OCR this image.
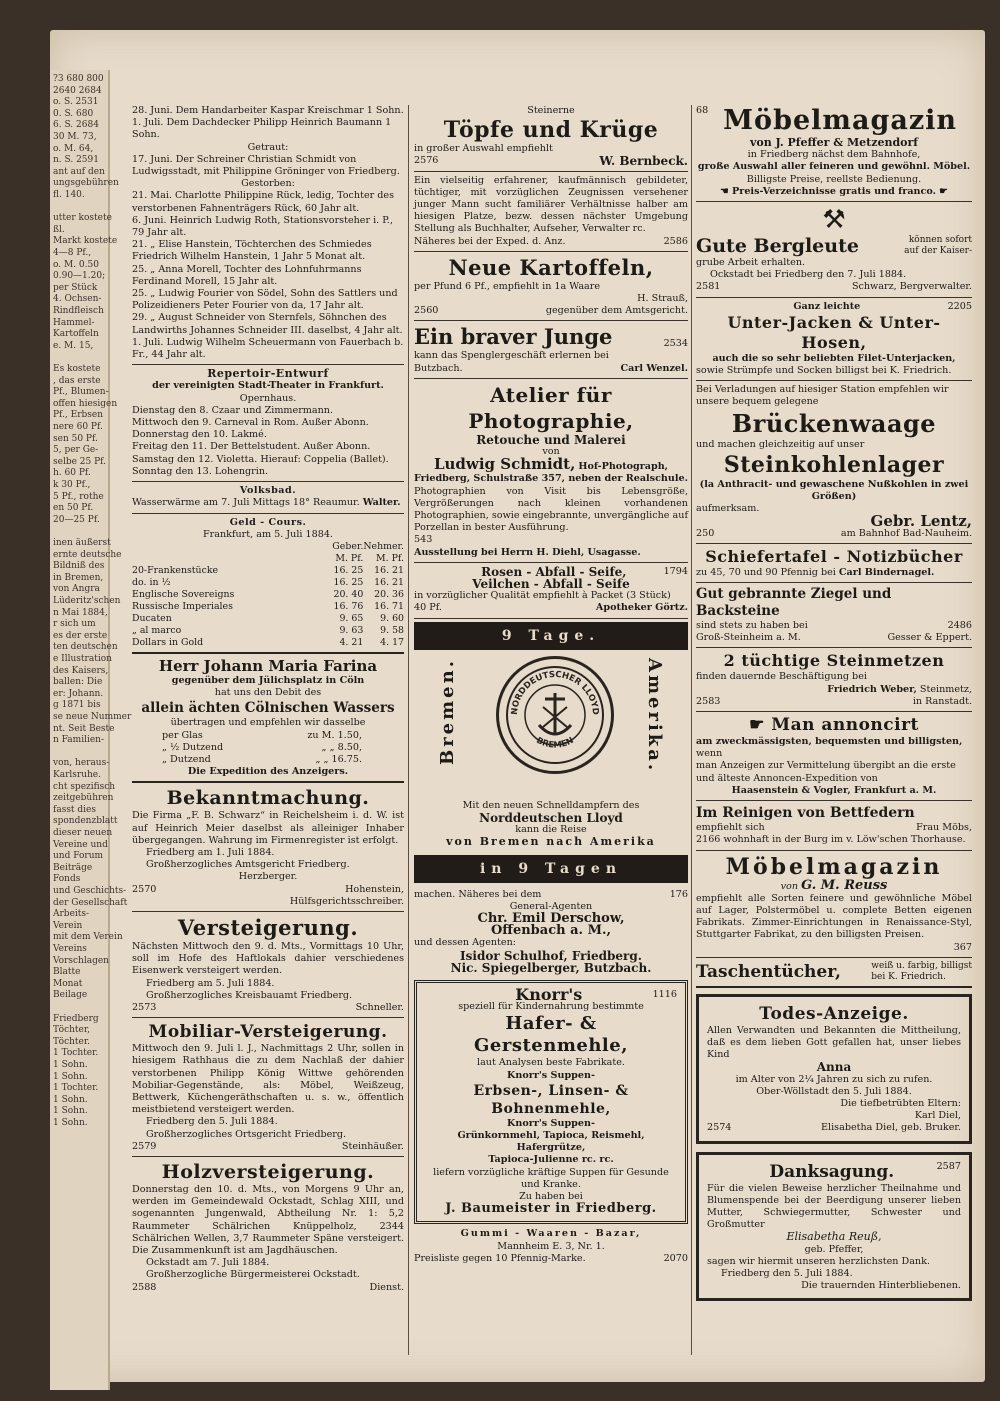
?3 680 800
2640 2684
o. S. 2531
0. S. 680
6. S. 2684
30 M. 73,
o. M. 64,
n. S. 2591
ant auf den
ungsgebühren
fl. 140.
utter kostete
ßl.
Markt kostete
4—8 Pf.,
o. M. 0.50
0.90—1.20;
per Stück
4. Ochsen-
Rindfleisch
Hammel-
Kartoffeln
e. M. 15,
Es kostete
, das erste
Pf., Blumen-
offen hiesigen
Pf., Erbsen
nere 60 Pf.
sen 50 Pf.
5, per Ge-
selbe 25 Pf.
h. 60 Pf.
k 30 Pf.,
5 Pf., rothe
en 50 Pf.
20—25 Pf.
inen äußerst
ernte deutsche
Bildniß des
in Bremen,
von Angra
Lüderitz'schen
n Mai 1884,
r sich um
es der erste
ten deutschen
e Illustration
des Kaisers,
ballen: Die
er: Johann.
g 1871 bis
se neue Nummer
nt. Seit Beste
n Familien-
von, heraus-
Karlsruhe.
cht spezifisch
zeitgebühren
fasst dies
spondenzblatt
dieser neuen
Vereine und
und Forum
Beiträge
Fonds
und Geschichts-
der Gesellschaft
Arbeits-
Verein
mit dem Verein
Vereins
Vorschlagen
Blatte
Monat
Beilage
Friedberg
Töchter,
Töchter.
1 Tochter.
1 Sohn.
1 Sohn.
1 Tochter.
1 Sohn.
1 Sohn.
1 Sohn.

28. Juni. Dem Handarbeiter Kaspar Kreischmar 1 Sohn.

1. Juli. Dem Dachdecker Philipp Heinrich Baumann 1 Sohn.

Getraut:

17. Juni. Der Schreiner Christian Schmidt von Ludwigsstadt, mit Philippine Gröninger von Friedberg.

Gestorben:

21. Mai. Charlotte Philippine Rück, ledig, Tochter des verstorbenen Fahnenträgers Rück, 60 Jahr alt.

6. Juni. Heinrich Ludwig Roth, Stationsvorsteher i. P., 79 Jahr alt.

21. „ Elise Hanstein, Töchterchen des Schmiedes Friedrich Wilhelm Hanstein, 1 Jahr 5 Monat alt.

25. „ Anna Morell, Tochter des Lohnfuhrmanns Ferdinand Morell, 15 Jahr alt.

25. „ Ludwig Fourier von Södel, Sohn des Sattlers und Polizeidieners Peter Fourier von da, 17 Jahr alt.

29. „ August Schneider von Sternfels, Söhnchen des Landwirths Johannes Schneider III. daselbst, 4 Jahr alt.

1. Juli. Ludwig Wilhelm Scheuermann von Fauerbach b. Fr., 44 Jahr alt.

Repertoir-Entwurf

der vereinigten Stadt-Theater in Frankfurt.

Opernhaus.

Dienstag den 8. Czaar und Zimmermann.

Mittwoch den 9. Carneval in Rom. Außer Abonn.

Donnerstag den 10. Lakmé.

Freitag den 11. Der Bettelstudent. Außer Abonn.

Samstag den 12. Violetta. Hierauf: Coppelia (Ballet).

Sonntag den 13. Lohengrin.

Volksbad.

Wasserwärme am 7. Juli Mittags 18° Reaumur. Walter.

Geld - Cours.

Frankfurt, am 5. Juli 1884.

	Geber.	Nehmer.
	M. Pf.	M. Pf.
20-Frankenstücke	16. 25	16. 21
do. in ½	16. 25	16. 21
Englische Sovereigns	20. 40	20. 36
Russische Imperiales	16. 76	16. 71
Ducaten	9. 65	9. 60
„ al marco	9. 63	9. 58
Dollars in Gold	4. 21	4. 17

Herr Johann Maria Farina

gegenüber dem Jülichsplatz in Cöln

hat uns den Debit des

allein ächten Cölnischen Wassers

übertragen und empfehlen wir dasselbe

per Glas	zu M. 1.50,
„ ½ Dutzend	„ „ 8.50,
„ Dutzend	„ „ 16.75.

Die Expedition des Anzeigers.

Bekanntmachung.

Die Firma „F. B. Schwarz“ in Reichelsheim i. d. W. ist auf Heinrich Meier daselbst als alleiniger Inhaber übergegangen. Wahrung im Firmenregister ist erfolgt.

Friedberg am 1. Juli 1884.

Großherzogliches Amtsgericht Friedberg.

Herzberger.

2570	Hohenstein,

Hülfsgerichtsschreiber.

Versteigerung.

Nächsten Mittwoch den 9. d. Mts., Vormittags 10 Uhr, soll im Hofe des Haftlokals dahier verschiedenes Eisenwerk versteigert werden.

Friedberg am 5. Juli 1884.

Großherzogliches Kreisbauamt Friedberg.

2573	Schneller.

Mobiliar-Versteigerung.

Mittwoch den 9. Juli l. J., Nachmittags 2 Uhr, sollen in hiesigem Rathhaus die zu dem Nachlaß der dahier verstorbenen Philipp König Wittwe gehörenden Mobiliar-Gegenstände, als: Möbel, Weißzeug, Bettwerk, Küchengeräthschaften u. s. w., öffentlich meistbietend versteigert werden.

Friedberg den 5. Juli 1884.

Großherzogliches Ortsgericht Friedberg.

2579	Steinhäußer.

Holzversteigerung.

Donnerstag den 10. d. Mts., von Morgens 9 Uhr an, werden im Gemeindewald Ockstadt, Schlag XIII, und sogenannten Jungenwald, Abtheilung Nr. 1: 5,2 Raummeter Schälrichen Knüppelholz, 2344 Schälrichen Wellen, 3,7 Raummeter Späne versteigert. Die Zusammenkunft ist am Jagdhäuschen.

Ockstadt am 7. Juli 1884.

Großherzogliche Bürgermeisterei Ockstadt.

2588	Dienst.

Steinerne

Töpfe und Krüge

in großer Auswahl empfiehlt

2576	W. Bernbeck.

Ein vielseitig erfahrener, kaufmännisch gebildeter, tüchtiger, mit vorzüglichen Zeugnissen versehener junger Mann sucht familiärer Verhältnisse halber am hiesigen Platze, bezw. dessen nächster Umgebung Stellung als Buchhalter, Aufseher, Verwalter rc.

Näheres bei der Exped. d. Anz.	2586

Neue Kartoffeln,

per Pfund 6 Pf., empfiehlt in 1a Waare

H. Strauß,

2560	gegenüber dem Amtsgericht.
Ein braver Junge	2534

kann das Spenglergeschäft erlernen bei

Butzbach.	Carl Wenzel.

Atelier für Photographie,

Retouche und Malerei

von

Ludwig Schmidt, Hof-Photograph,

Friedberg, Schulstraße 357, neben der Realschule.

Photographien von Visit bis Lebensgröße, Vergrößerungen nach kleinen vorhandenen Photographien, sowie eingebrannte, unvergängliche auf Porzellan in bester Ausführung.

543

Ausstellung bei Herrn H. Diehl, Usagasse.

Rosen - Abfall - Seife,	1794

Veilchen - Abfall - Seife

in vorzüglicher Qualität empfiehlt à Packet (3 Stück)

40 Pf.	Apotheker Görtz.
9 Tage.
Bremen.	NORDDEUTSCHER LLOYD
BREMEN	Amerika.

Mit den neuen Schnelldampfern des

Norddeutschen Lloyd

kann die Reise

von Bremen nach Amerika

in 9 Tagen
machen. Näheres bei dem	176

General-Agenten

Chr. Emil Derschow,

Offenbach a. M.,

und dessen Agenten:

Isidor Schulhof, Friedberg.

Nic. Spiegelberger, Butzbach.

Knorr's	1116

speziell für Kindernahrung bestimmte

Hafer- & Gerstenmehle,

laut Analysen beste Fabrikate.

Knorr's Suppen-

Erbsen-, Linsen- & Bohnenmehle,

Knorr's Suppen-

Grünkornmehl, Tapioca, Reismehl, Hafergrütze,

Tapioca-Julienne rc. rc.

liefern vorzügliche kräftige Suppen für Gesunde und Kranke.

Zu haben bei

J. Baumeister in Friedberg.

Gummi - Waaren - Bazar,

Mannheim E. 3, Nr. 1.

Preisliste gegen 10 Pfennig-Marke.	2070
68 Möbelmagazin

von J. Pfeffer & Metzendorf

in Friedberg nächst dem Bahnhofe,

große Auswahl aller feineren und gewöhnl. Möbel.

Billigste Preise, reellste Bedienung.

☚ Preis-Verzeichnisse gratis und franco. ☛

⚒

Gute Bergleute	können sofort
auf der Kaiser-

grube Arbeit erhalten.

Ockstadt bei Friedberg den 7. Juli 1884.

2581	Schwarz, Bergverwalter.
Ganz leichte	2205

Unter-Jacken & Unter-Hosen,

auch die so sehr beliebten Filet-Unterjacken,

sowie Strümpfe und Socken billigst bei K. Friedrich.

Bei Verladungen auf hiesiger Station empfehlen wir

unsere bequem gelegene

Brückenwaage

und machen gleichzeitig auf unser

Steinkohlenlager

(la Anthracit- und gewaschene Nußkohlen in zwei Größen)

aufmerksam.

Gebr. Lentz,

250	am Bahnhof Bad-Nauheim.

Schiefertafel - Notizbücher

zu 45, 70 und 90 Pfennig bei Carl Bindernagel.

Gut gebrannte Ziegel und Backsteine

sind stets zu haben bei	2486
Groß-Steinheim a. M.	Gesser & Eppert.

2 tüchtige Steinmetzen

finden dauernde Beschäftigung bei

Friedrich Weber, Steinmetz,

2583	in Ranstadt.

☛ Man annoncirt

am zweckmässigsten, bequemsten und billigsten, wenn

man Anzeigen zur Vermittelung übergibt an die erste und älteste Annoncen-Expedition von

Haasenstein & Vogler, Frankfurt a. M.

Im Reinigen von Bettfedern

empfiehlt sich	Frau Möbs,

2166 wohnhaft in der Burg im v. Löw'schen Thorhause.

Möbelmagazin

von G. M. Reuss

empfiehlt alle Sorten feinere und gewöhnliche Möbel auf Lager, Polstermöbel u. complete Betten eigenen Fabrikats. Zimmer-Einrichtungen in Renaissance-Styl, Stuttgarter Fabrikat, zu den billigsten Preisen.

367

Taschentücher,	weiß u. farbig, billigst
bei K. Friedrich.

Todes-Anzeige.

Allen Verwandten und Bekannten die Mittheilung, daß es dem lieben Gott gefallen hat, unser liebes Kind

Anna

im Alter von 2¼ Jahren zu sich zu rufen.

Ober-Wöllstadt den 5. Juli 1884.

Die tiefbetrübten Eltern:

Karl Diel,

2574	Elisabetha Diel, geb. Bruker.
Danksagung.	2587

Für die vielen Beweise herzlicher Theilnahme und Blumenspende bei der Beerdigung unserer lieben Mutter, Schwiegermutter, Schwester und Großmutter

Elisabetha Reuß,

geb. Pfeffer,

sagen wir hiermit unseren herzlichsten Dank.

Friedberg den 5. Juli 1884.

Die trauernden Hinterbliebenen.
